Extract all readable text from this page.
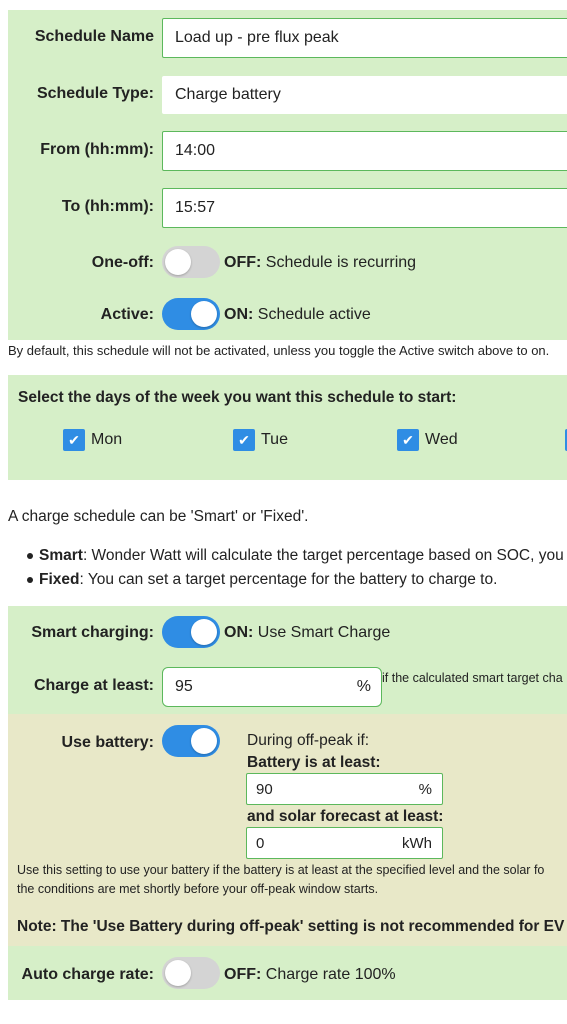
Schedule Name Load up - pre flux peak
Schedule Type: Charge battery
From (hh:mm): 14:00
To (hh:mm): 15:57
One-off:	OFF: Schedule is recurring
Active:	ON: Schedule active
By default, this schedule will not be activated, unless you toggle the Active switch above to on.
Select the days of the week you want this schedule to start:
✔ Mon	✔ Tue	✔ Wed
A charge schedule can be 'Smart' or 'Fixed'.
Smart: Wonder Watt will calculate the target percentage based on SOC, you
Fixed: You can set a target percentage for the battery to charge to.
Smart charging:	ON: Use Smart Charge
Charge at least: 95	% if the calculated smart target cha
Use battery:	During off-peak if:
Battery is at least:
90	%
and solar forecast at least:
0	kWh
Use this setting to use your battery if the battery is at least at the specified level and the solar fo
the conditions are met shortly before your off-peak window starts.
Note: The 'Use Battery during off-peak' setting is not recommended for EV
Auto charge rate:	OFF: Charge rate 100%
